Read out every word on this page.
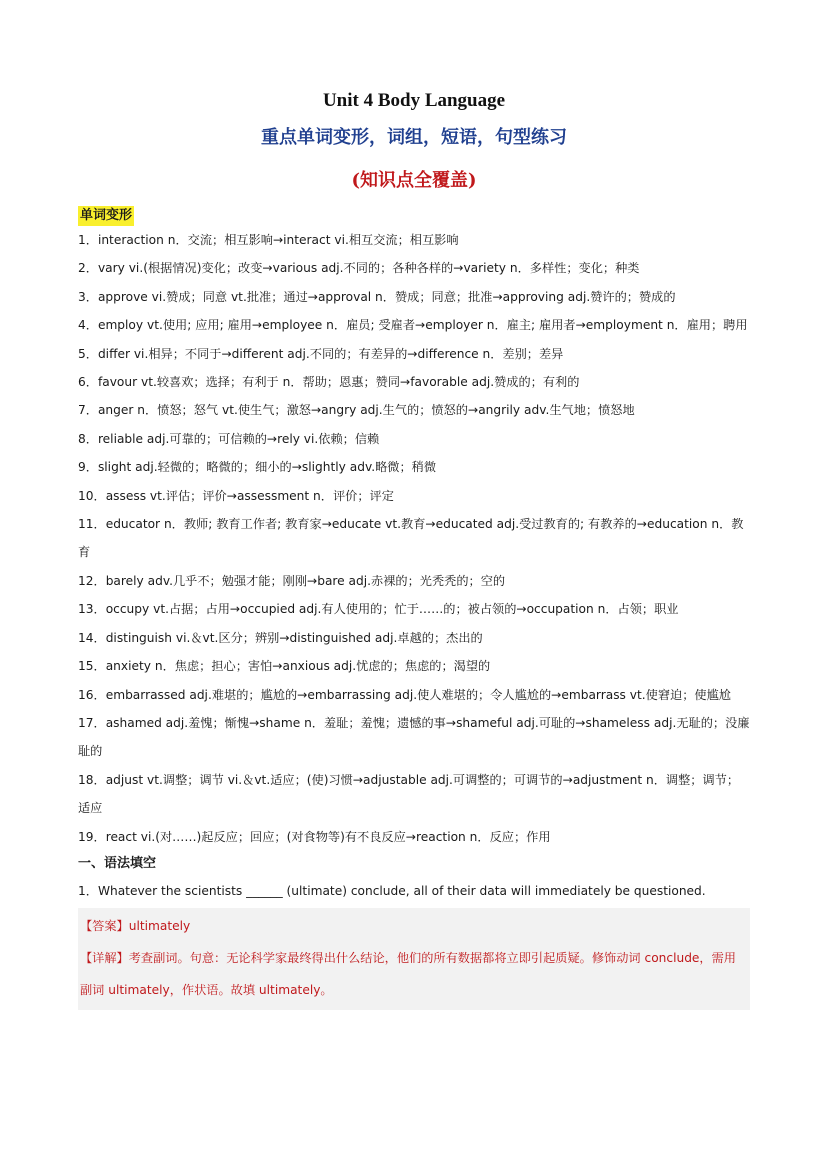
Unit 4 Body Language
重点单词变形，词组，短语，句型练习
(知识点全覆盖)
单词变形

1．interaction n．交流；相互影响→interact vi.相互交流；相互影响

2．vary vi.(根据情况)变化；改变→various adj.不同的；各种各样的→variety n．多样性；变化；种类

3．approve vi.赞成；同意 vt.批准；通过→approval n．赞成；同意；批准→approving adj.赞许的；赞成的

4．employ vt.使用; 应用; 雇用→employee n．雇员; 受雇者→employer n．雇主; 雇用者→employment n．雇用；聘用

5．differ vi.相异；不同于→different adj.不同的；有差异的→difference n．差别；差异

6．favour vt.较喜欢；选择；有利于 n．帮助；恩惠；赞同→favorable adj.赞成的；有利的

7．anger n．愤怒；怒气 vt.使生气；激怒→angry adj.生气的；愤怒的→angrily adv.生气地；愤怒地

8．reliable adj.可靠的；可信赖的→rely vi.依赖；信赖

9．slight adj.轻微的；略微的；细小的→slightly adv.略微；稍微

10．assess vt.评估；评价→assessment n．评价；评定

11．educator n．教师; 教育工作者; 教育家→educate vt.教育→educated adj.受过教育的; 有教养的→education n．教育

12．barely adv.几乎不；勉强才能；刚刚→bare adj.赤裸的；光秃秃的；空的

13．occupy vt.占据；占用→occupied adj.有人使用的；忙于……的；被占领的→occupation n．占领；职业

14．distinguish vi.＆vt.区分；辨别→distinguished adj.卓越的；杰出的

15．anxiety n．焦虑；担心；害怕→anxious adj.忧虑的；焦虑的；渴望的

16．embarrassed adj.难堪的；尴尬的→embarrassing adj.使人难堪的；令人尴尬的→embarrass vt.使窘迫；使尴尬

17．ashamed adj.羞愧；惭愧→shame n．羞耻；羞愧；遗憾的事→shameful adj.可耻的→shameless adj.无耻的；没廉耻的

18．adjust vt.调整；调节 vi.＆vt.适应；(使)习惯→adjustable adj.可调整的；可调节的→adjustment n．调整；调节；适应

19．react vi.(对……)起反应；回应；(对食物等)有不良反应→reaction n．反应；作用

一、语法填空

1．Whatever the scientists ______ (ultimate) conclude, all of their data will immediately be questioned.

【答案】ultimately

【详解】考查副词。句意：无论科学家最终得出什么结论，他们的所有数据都将立即引起质疑。修饰动词 conclude，需用副词 ultimately，作状语。故填 ultimately。
